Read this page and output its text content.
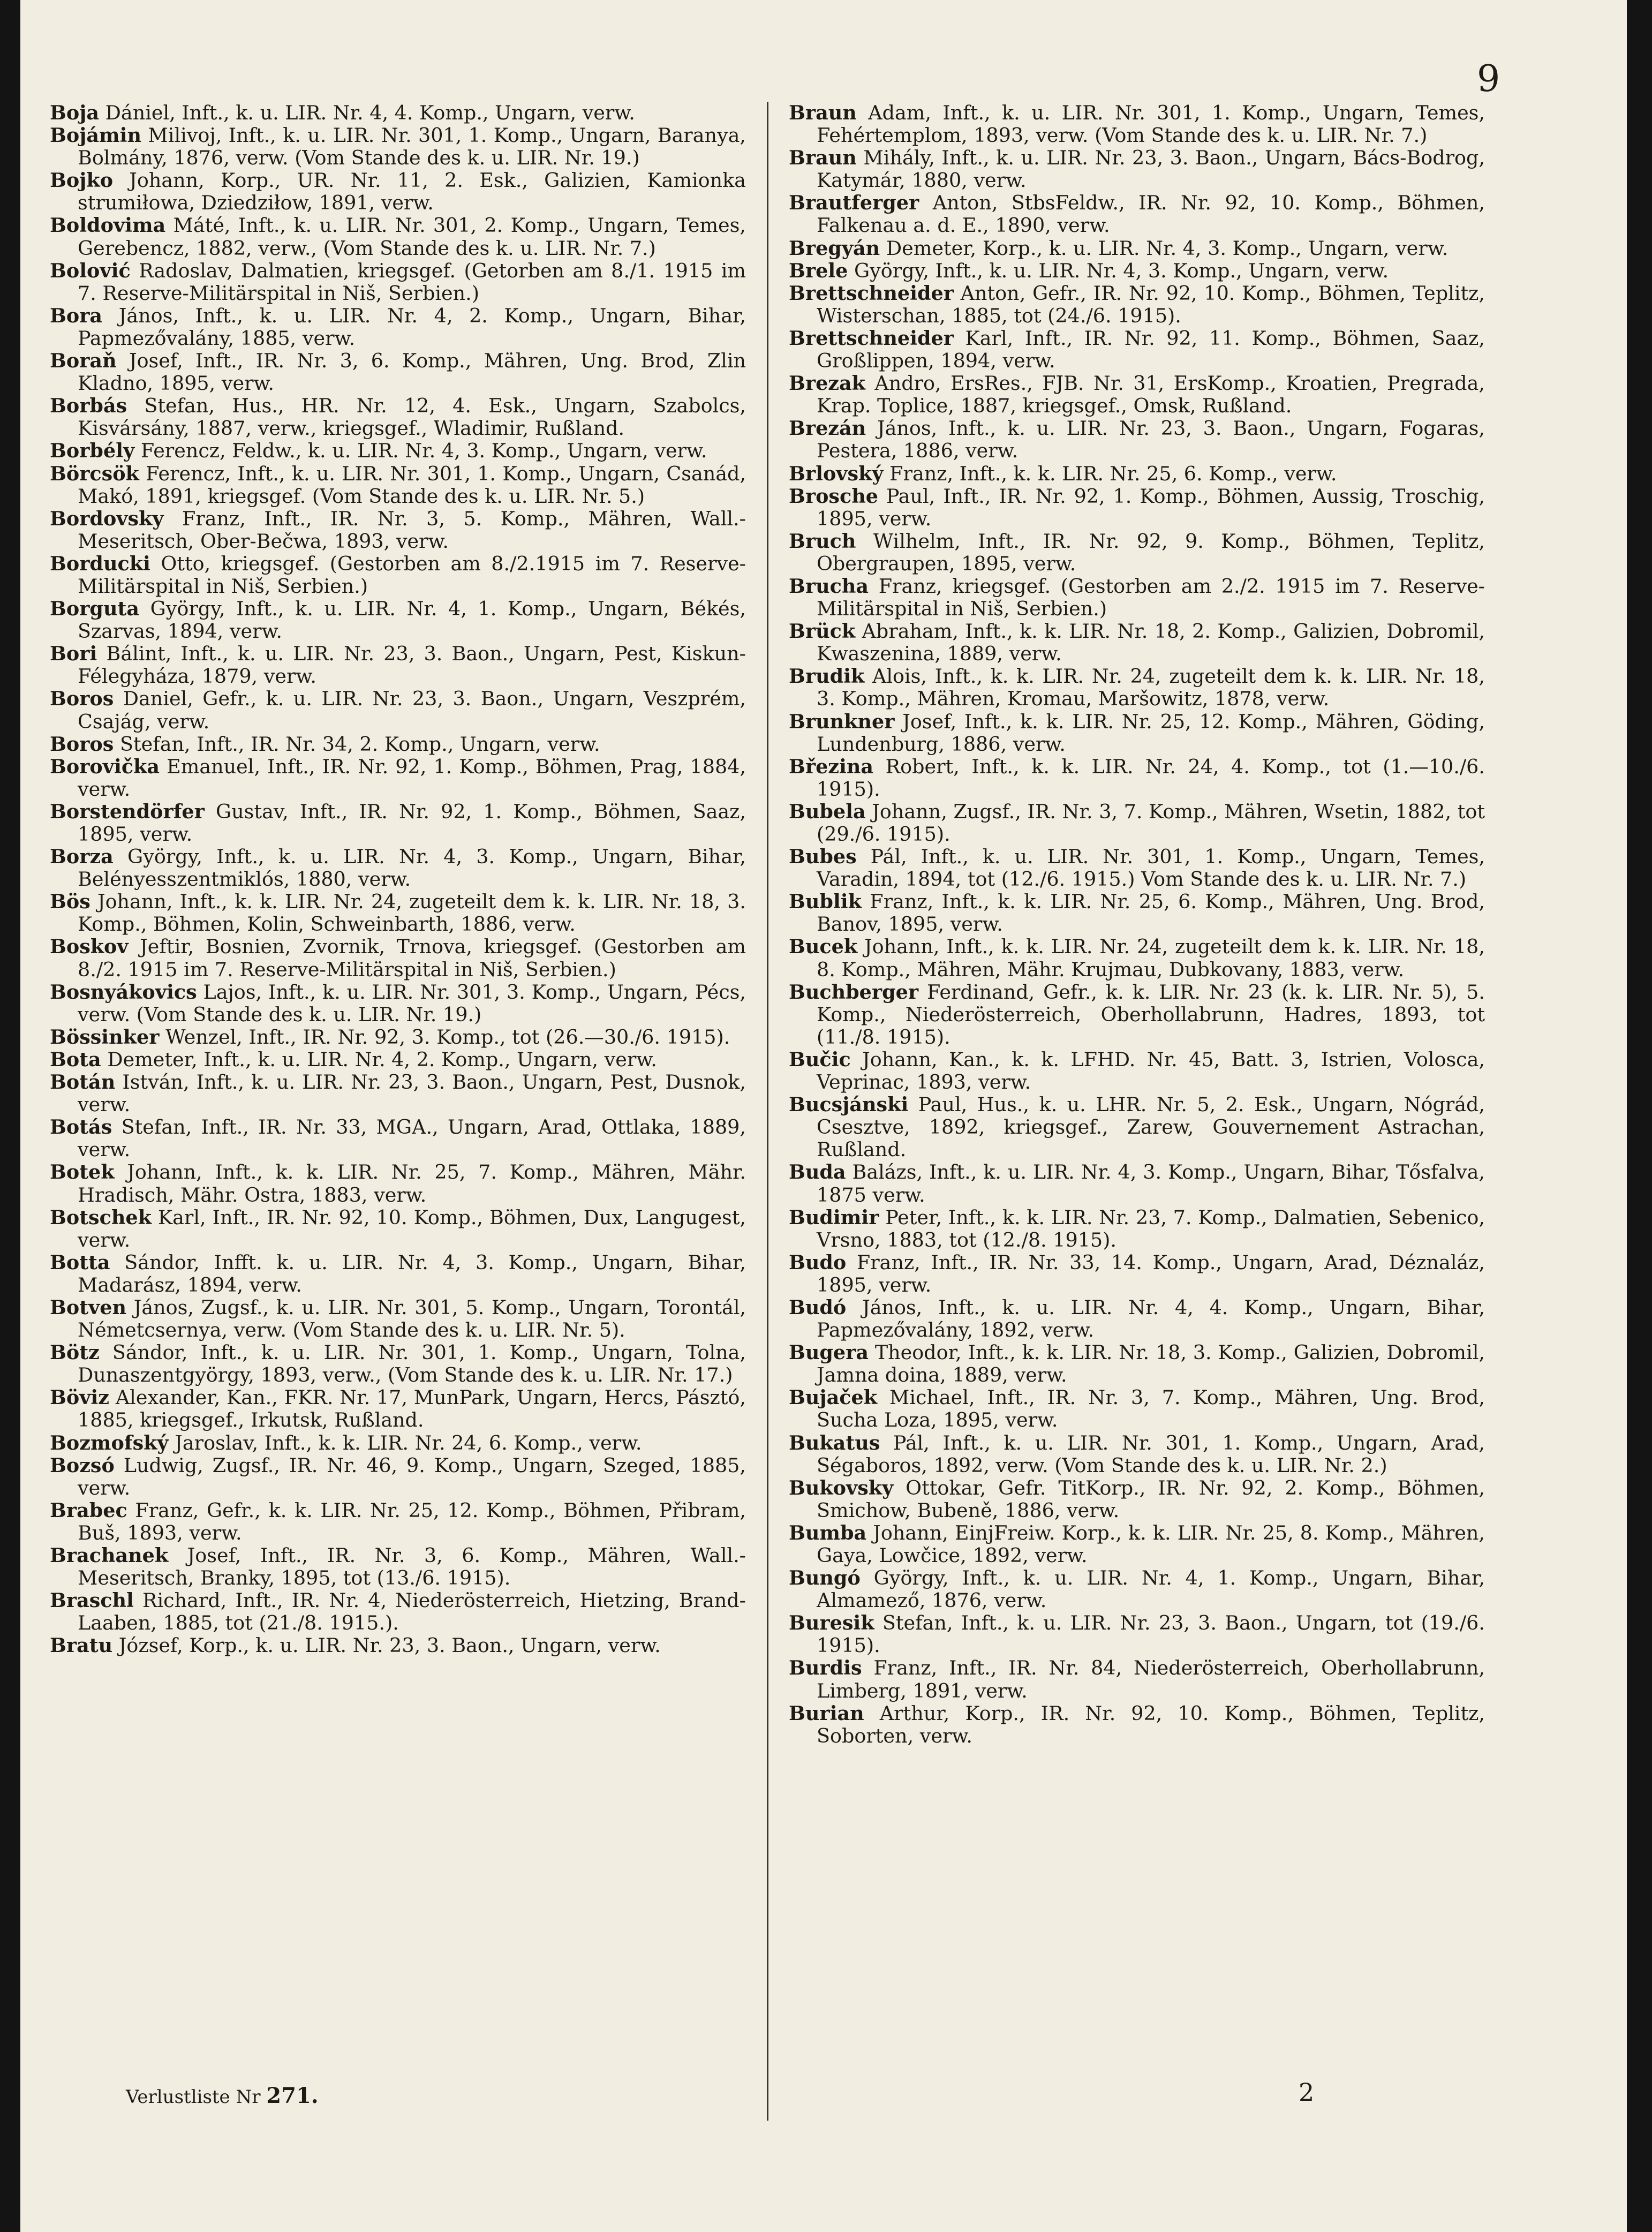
9

Boja Dániel, Inft., k. u. LIR. Nr. 4, 4. Komp., Ungarn, verw.

Bojámin Milivoj, Inft., k. u. LIR. Nr. 301, 1. Komp., Ungarn, Baranya, Bolmány, 1876, verw. (Vom Stande des k. u. LIR. Nr. 19.)

Bojko Johann, Korp., UR. Nr. 11, 2. Esk., Galizien, Kamionka strumiłowa, Dziedziłow, 1891, verw.

Boldovima Máté, Inft., k. u. LIR. Nr. 301, 2. Komp., Ungarn, Temes, Gerebencz, 1882, verw., (Vom Stande des k. u. LIR. Nr. 7.)

Bolović Radoslav, Dalmatien, kriegsgef. (Getorben am 8./1. 1915 im 7. Reserve-Militärspital in Niš, Serbien.)

Bora János, Inft., k. u. LIR. Nr. 4, 2. Komp., Ungarn, Bihar, Papmezővalány, 1885, verw.

Boraň Josef, Inft., IR. Nr. 3, 6. Komp., Mähren, Ung. Brod, Zlin Kladno, 1895, verw.

Borbás Stefan, Hus., HR. Nr. 12, 4. Esk., Ungarn, Szabolcs, Kisvársány, 1887, verw., kriegsgef., Wladimir, Rußland.

Borbély Ferencz, Feldw., k. u. LIR. Nr. 4, 3. Komp., Ungarn, verw.

Börcsök Ferencz, Inft., k. u. LIR. Nr. 301, 1. Komp., Ungarn, Csanád, Makó, 1891, kriegsgef. (Vom Stande des k. u. LIR. Nr. 5.)

Bordovsky Franz, Inft., IR. Nr. 3, 5. Komp., Mähren, Wall.-Meseritsch, Ober-Bečwa, 1893, verw.

Borducki Otto, kriegsgef. (Gestorben am 8./2.1915 im 7. Reserve-Militärspital in Niš, Serbien.)

Borguta György, Inft., k. u. LIR. Nr. 4, 1. Komp., Ungarn, Békés, Szarvas, 1894, verw.

Bori Bálint, Inft., k. u. LIR. Nr. 23, 3. Baon., Ungarn, Pest, Kiskun-Félegyháza, 1879, verw.

Boros Daniel, Gefr., k. u. LIR. Nr. 23, 3. Baon., Ungarn, Veszprém, Csajág, verw.

Boros Stefan, Inft., IR. Nr. 34, 2. Komp., Ungarn, verw.

Borovička Emanuel, Inft., IR. Nr. 92, 1. Komp., Böhmen, Prag, 1884, verw.

Borstendörfer Gustav, Inft., IR. Nr. 92, 1. Komp., Böhmen, Saaz, 1895, verw.

Borza György, Inft., k. u. LIR. Nr. 4, 3. Komp., Ungarn, Bihar, Belényesszentmiklós, 1880, verw.

Bös Johann, Inft., k. k. LIR. Nr. 24, zugeteilt dem k. k. LIR. Nr. 18, 3. Komp., Böhmen, Kolin, Schweinbarth, 1886, verw.

Boskov Jeftir, Bosnien, Zvornik, Trnova, kriegsgef. (Gestorben am 8./2. 1915 im 7. Reserve-Militärspital in Niš, Serbien.)

Bosnyákovics Lajos, Inft., k. u. LIR. Nr. 301, 3. Komp., Ungarn, Pécs, verw. (Vom Stande des k. u. LIR. Nr. 19.)

Bössinker Wenzel, Inft., IR. Nr. 92, 3. Komp., tot (26.—30./6. 1915).

Bota Demeter, Inft., k. u. LIR. Nr. 4, 2. Komp., Ungarn, verw.

Botán István, Inft., k. u. LIR. Nr. 23, 3. Baon., Ungarn, Pest, Dusnok, verw.

Botás Stefan, Inft., IR. Nr. 33, MGA., Ungarn, Arad, Ottlaka, 1889, verw.

Botek Johann, Inft., k. k. LIR. Nr. 25, 7. Komp., Mähren, Mähr. Hradisch, Mähr. Ostra, 1883, verw.

Botschek Karl, Inft., IR. Nr. 92, 10. Komp., Böhmen, Dux, Langugest, verw.

Botta Sándor, Infft. k. u. LIR. Nr. 4, 3. Komp., Ungarn, Bihar, Madarász, 1894, verw.

Botven János, Zugsf., k. u. LIR. Nr. 301, 5. Komp., Ungarn, Torontál, Németcsernya, verw. (Vom Stande des k. u. LIR. Nr. 5).

Bötz Sándor, Inft., k. u. LIR. Nr. 301, 1. Komp., Ungarn, Tolna, Dunaszentgyörgy, 1893, verw., (Vom Stande des k. u. LIR. Nr. 17.)

Böviz Alexander, Kan., FKR. Nr. 17, MunPark, Ungarn, Hercs, Pásztó, 1885, kriegsgef., Irkutsk, Rußland.

Bozmofský Jaroslav, Inft., k. k. LIR. Nr. 24, 6. Komp., verw.

Bozsó Ludwig, Zugsf., IR. Nr. 46, 9. Komp., Ungarn, Szeged, 1885, verw.

Brabec Franz, Gefr., k. k. LIR. Nr. 25, 12. Komp., Böhmen, Přibram, Buš, 1893, verw.

Brachanek Josef, Inft., IR. Nr. 3, 6. Komp., Mähren, Wall.-Meseritsch, Branky, 1895, tot (13./6. 1915).

Braschl Richard, Inft., IR. Nr. 4, Niederösterreich, Hietzing, Brand-Laaben, 1885, tot (21./8. 1915.).

Bratu József, Korp., k. u. LIR. Nr. 23, 3. Baon., Ungarn, verw.

Braun Adam, Inft., k. u. LIR. Nr. 301, 1. Komp., Ungarn, Temes, Fehértemplom, 1893, verw. (Vom Stande des k. u. LIR. Nr. 7.)

Braun Mihály, Inft., k. u. LIR. Nr. 23, 3. Baon., Ungarn, Bács-Bodrog, Katymár, 1880, verw.

Brautferger Anton, StbsFeldw., IR. Nr. 92, 10. Komp., Böhmen, Falkenau a. d. E., 1890, verw.

Bregyán Demeter, Korp., k. u. LIR. Nr. 4, 3. Komp., Ungarn, verw.

Brele György, Inft., k. u. LIR. Nr. 4, 3. Komp., Ungarn, verw.

Brettschneider Anton, Gefr., IR. Nr. 92, 10. Komp., Böhmen, Teplitz, Wisterschan, 1885, tot (24./6. 1915).

Brettschneider Karl, Inft., IR. Nr. 92, 11. Komp., Böhmen, Saaz, Großlippen, 1894, verw.

Brezak Andro, ErsRes., FJB. Nr. 31, ErsKomp., Kroatien, Pregrada, Krap. Toplice, 1887, kriegsgef., Omsk, Rußland.

Brezán János, Inft., k. u. LIR. Nr. 23, 3. Baon., Ungarn, Fogaras, Pestera, 1886, verw.

Brlovský Franz, Inft., k. k. LIR. Nr. 25, 6. Komp., verw.

Brosche Paul, Inft., IR. Nr. 92, 1. Komp., Böhmen, Aussig, Troschig, 1895, verw.

Bruch Wilhelm, Inft., IR. Nr. 92, 9. Komp., Böhmen, Teplitz, Obergraupen, 1895, verw.

Brucha Franz, kriegsgef. (Gestorben am 2./2. 1915 im 7. Reserve-Militärspital in Niš, Serbien.)

Brück Abraham, Inft., k. k. LIR. Nr. 18, 2. Komp., Galizien, Dobromil, Kwaszenina, 1889, verw.

Brudik Alois, Inft., k. k. LIR. Nr. 24, zugeteilt dem k. k. LIR. Nr. 18, 3. Komp., Mähren, Kromau, Maršowitz, 1878, verw.

Brunkner Josef, Inft., k. k. LIR. Nr. 25, 12. Komp., Mähren, Göding, Lundenburg, 1886, verw.

Březina Robert, Inft., k. k. LIR. Nr. 24, 4. Komp., tot (1.—10./6. 1915).

Bubela Johann, Zugsf., IR. Nr. 3, 7. Komp., Mähren, Wsetin, 1882, tot (29./6. 1915).

Bubes Pál, Inft., k. u. LIR. Nr. 301, 1. Komp., Ungarn, Temes, Varadin, 1894, tot (12./6. 1915.) Vom Stande des k. u. LIR. Nr. 7.)

Bublik Franz, Inft., k. k. LIR. Nr. 25, 6. Komp., Mähren, Ung. Brod, Banov, 1895, verw.

Bucek Johann, Inft., k. k. LIR. Nr. 24, zugeteilt dem k. k. LIR. Nr. 18, 8. Komp., Mähren, Mähr. Krujmau, Dubkovany, 1883, verw.

Buchberger Ferdinand, Gefr., k. k. LIR. Nr. 23 (k. k. LIR. Nr. 5), 5. Komp., Niederösterreich, Oberhollabrunn, Hadres, 1893, tot (11./8. 1915).

Bučic Johann, Kan., k. k. LFHD. Nr. 45, Batt. 3, Istrien, Volosca, Veprinac, 1893, verw.

Bucsjánski Paul, Hus., k. u. LHR. Nr. 5, 2. Esk., Ungarn, Nógrád, Csesztve, 1892, kriegsgef., Zarew, Gouvernement Astrachan, Rußland.

Buda Balázs, Inft., k. u. LIR. Nr. 4, 3. Komp., Ungarn, Bihar, Tősfalva, 1875 verw.

Budimir Peter, Inft., k. k. LIR. Nr. 23, 7. Komp., Dalmatien, Sebenico, Vrsno, 1883, tot (12./8. 1915).

Budo Franz, Inft., IR. Nr. 33, 14. Komp., Ungarn, Arad, Déznaláz, 1895, verw.

Budó János, Inft., k. u. LIR. Nr. 4, 4. Komp., Ungarn, Bihar, Papmezővalány, 1892, verw.

Bugera Theodor, Inft., k. k. LIR. Nr. 18, 3. Komp., Galizien, Dobromil, Jamna doina, 1889, verw.

Bujaček Michael, Inft., IR. Nr. 3, 7. Komp., Mähren, Ung. Brod, Sucha Loza, 1895, verw.

Bukatus Pál, Inft., k. u. LIR. Nr. 301, 1. Komp., Ungarn, Arad, Ségaboros, 1892, verw. (Vom Stande des k. u. LIR. Nr. 2.)

Bukovsky Ottokar, Gefr. TitKorp., IR. Nr. 92, 2. Komp., Böhmen, Smichow, Bubeně, 1886, verw.

Bumba Johann, EinjFreiw. Korp., k. k. LIR. Nr. 25, 8. Komp., Mähren, Gaya, Lowčice, 1892, verw.

Bungó György, Inft., k. u. LIR. Nr. 4, 1. Komp., Ungarn, Bihar, Almamező, 1876, verw.

Buresik Stefan, Inft., k. u. LIR. Nr. 23, 3. Baon., Ungarn, tot (19./6. 1915).

Burdis Franz, Inft., IR. Nr. 84, Niederösterreich, Oberhollabrunn, Limberg, 1891, verw.

Burian Arthur, Korp., IR. Nr. 92, 10. Komp., Böhmen, Teplitz, Soborten, verw.

Verlustliste Nr 271.	2
